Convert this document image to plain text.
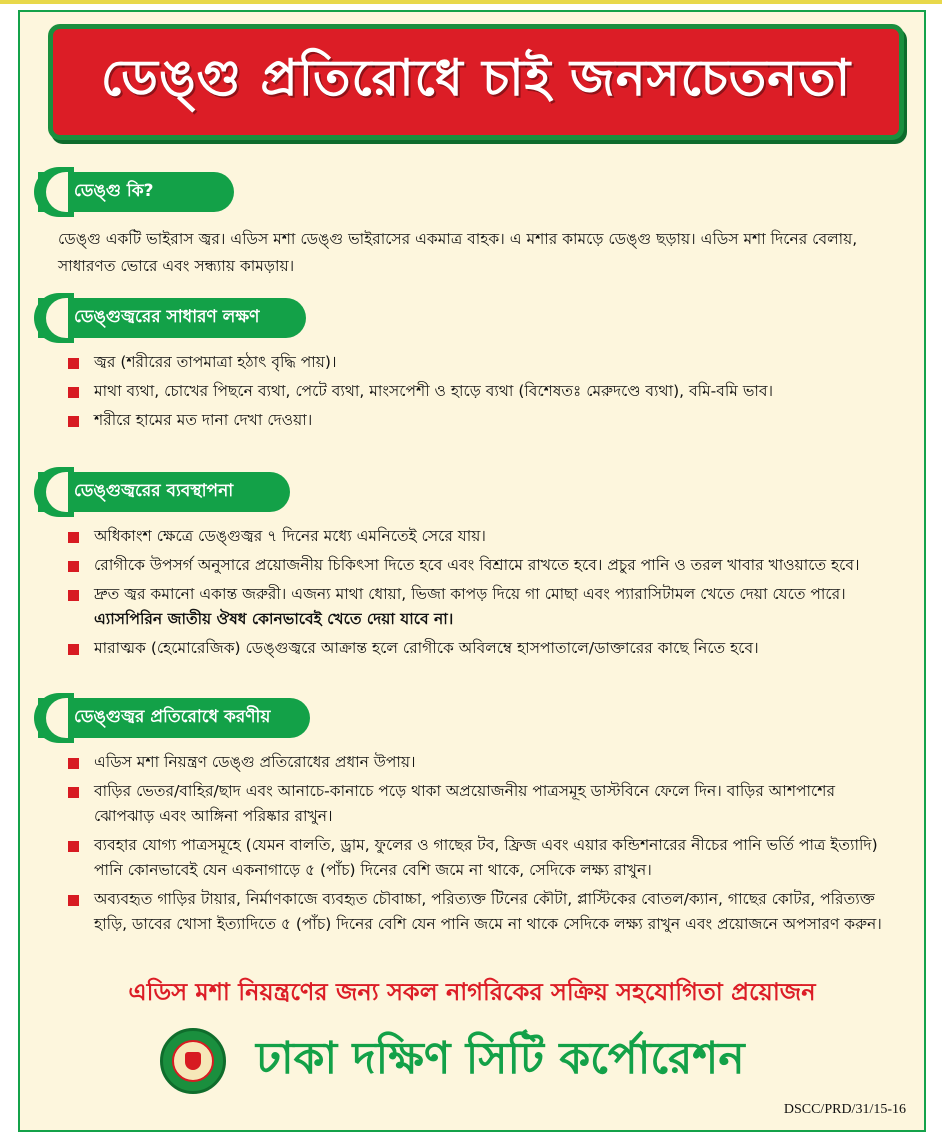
ডেঙ্গু প্রতিরোধে চাই জনসচেতনতা
ডেঙ্গু কি?
ডেঙ্গু একটি ভাইরাস জ্বর। এডিস মশা ডেঙ্গু ভাইরাসের একমাত্র বাহক। এ মশার কামড়ে ডেঙ্গু ছড়ায়। এডিস মশা দিনের বেলায়, সাধারণত ভোরে এবং সন্ধ্যায় কামড়ায়।
ডেঙ্গুজ্বরের সাধারণ লক্ষণ
জ্বর (শরীরের তাপমাত্রা হঠাৎ বৃদ্ধি পায়)।
মাথা ব্যথা, চোখের পিছনে ব্যথা, পেটে ব্যথা, মাংসপেশী ও হাড়ে ব্যথা (বিশেষতঃ মেরুদণ্ডে ব্যথা), বমি-বমি ভাব।
শরীরে হামের মত দানা দেখা দেওয়া।
ডেঙ্গুজ্বরের ব্যবস্থাপনা
অধিকাংশ ক্ষেত্রে ডেঙ্গুজ্বর ৭ দিনের মধ্যে এমনিতেই সেরে যায়।
রোগীকে উপসর্গ অনুসারে প্রয়োজনীয় চিকিৎসা দিতে হবে এবং বিশ্রামে রাখতে হবে। প্রচুর পানি ও তরল খাবার খাওয়াতে হবে।
দ্রুত জ্বর কমানো একান্ত জরুরী। এজন্য মাথা ধোয়া, ভিজা কাপড় দিয়ে গা মোছা এবং প্যারাসিটামল খেতে দেয়া যেতে পারে। এ্যাসপিরিন জাতীয় ঔষধ কোনভাবেই খেতে দেয়া যাবে না।
মারাত্মক (হেমোরেজিক) ডেঙ্গুজ্বরে আক্রান্ত হলে রোগীকে অবিলম্বে হাসপাতালে/ডাক্তারের কাছে নিতে হবে।
ডেঙ্গুজ্বর প্রতিরোধে করণীয়
এডিস মশা নিয়ন্ত্রণ ডেঙ্গু প্রতিরোধের প্রধান উপায়।
বাড়ির ভেতর/বাহির/ছাদ এবং আনাচে-কানাচে পড়ে থাকা অপ্রয়োজনীয় পাত্রসমূহ ডাস্টবিনে ফেলে দিন। বাড়ির আশপাশের ঝোপঝাড় এবং আঙ্গিনা পরিষ্কার রাখুন।
ব্যবহার যোগ্য পাত্রসমূহে (যেমন বালতি, ড্রাম, ফুলের ও গাছের টব, ফ্রিজ এবং এয়ার কন্ডিশনারের নীচের পানি ভর্তি পাত্র ইত্যাদি) পানি কোনভাবেই যেন একনাগাড়ে ৫ (পাঁচ) দিনের বেশি জমে না থাকে, সেদিকে লক্ষ্য রাখুন।
অব্যবহৃত গাড়ির টায়ার, নির্মাণকাজে ব্যবহৃত চৌবাচ্চা, পরিত্যক্ত টিনের কৌটা, প্লাস্টিকের বোতল/ক্যান, গাছের কোটর, পরিত্যক্ত হাড়ি, ডাবের খোসা ইত্যাদিতে ৫ (পাঁচ) দিনের বেশি যেন পানি জমে না থাকে সেদিকে লক্ষ্য রাখুন এবং প্রয়োজনে অপসারণ করুন।
এডিস মশা নিয়ন্ত্রণের জন্য সকল নাগরিকের সক্রিয় সহযোগিতা প্রয়োজন
ঢাকা দক্ষিণ সিটি কর্পোরেশন
DSCC/PRD/31/15-16
